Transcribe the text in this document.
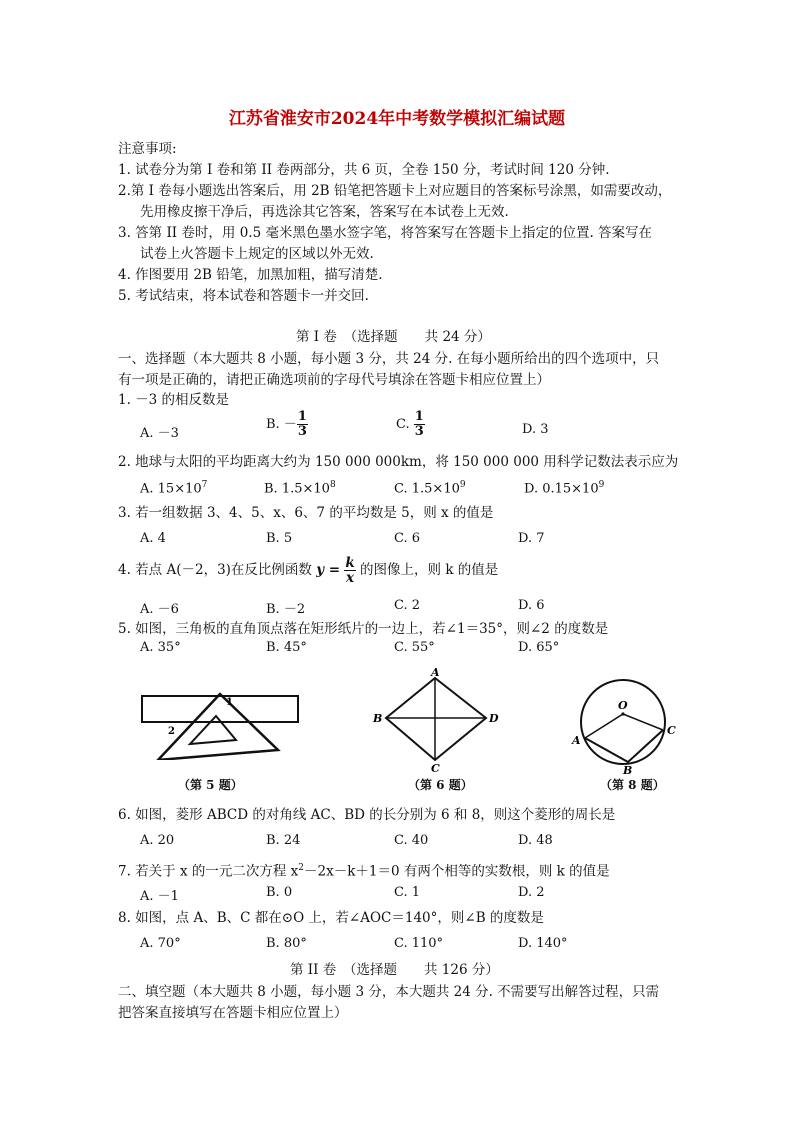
江苏省淮安市2024年中考数学模拟汇编试题
注意事项:
1. 试卷分为第 I 卷和第 II 卷两部分，共 6 页，全卷 150 分，考试时间 120 分钟.
2.第 I 卷每小题选出答案后，用 2B 铅笔把答题卡上对应题目的答案标号涂黑，如需要改动，
先用橡皮擦干净后，再选涂其它答案，答案写在本试卷上无效.
3. 答第 II 卷时，用 0.5 毫米黑色墨水签字笔，将答案写在答题卡上指定的位置. 答案写在
试卷上火答题卡上规定的区域以外无效.
4. 作图要用 2B 铅笔，加黑加粗，描写清楚.
5. 考试结束，将本试卷和答题卡一并交回.
第 I 卷　（选择题　　共 24 分）
一、选择题（本大题共 8 小题，每小题 3 分，共 24 分. 在每小题所给出的四个选项中，只
有一项是正确的，请把正确选项前的字母代号填涂在答题卡相应位置上）
1. －3 的相反数是
A. －3
B. － $\frac{1}{3}$	C. $\frac{1}{3}$	D. 3
2. 地球与太阳的平均距离大约为 150 000 000km，将 150 000 000 用科学记数法表示应为
A. $15\times 10^7$	B. $1.5\times 10^8$	C. $1.5\times 10^9$	D. $0.15\times 10^9$
3. 若一组数据 3、4、5、x、6、7 的平均数是 5，则 x 的值是
A. 4	B. 5	C. 6	D. 7
4. 若点 A(－2，3)在反比例函数 $y = \frac{k}{x}$ 的图像上，则 k 的值是
A. －6	B. －2	C. 2	D. 6
5. 如图，三角板的直角顶点落在矩形纸片的一边上，若∠1＝35°，则∠2 的度数是
A. 35°	B. 45°	C. 55°	D. 65°
1
2
（第 5 题）
A
B
C
D
（第 6 题）
O
A
B
C
（第 8 题）
6. 如图，菱形 ABCD 的对角线 AC、BD 的长分别为 6 和 8，则这个菱形的周长是
A. 20	B. 24	C. 40	D. 48
7. 若关于 x 的一元二次方程 $x^2-2x-k+1=0$ 有两个相等的实数根，则 k 的值是
A. －1	B. 0	C. 1	D. 2
8. 如图，点 A、B、C 都在⊙O 上，若∠AOC＝140°，则∠B 的度数是
A. 70°	B. 80°	C. 110°	D. 140°
第 II 卷　（选择题　　共 126 分）
二、填空题（本大题共 8 小题，每小题 3 分，本大题共 24 分. 不需要写出解答过程，只需
把答案直接填写在答题卡相应位置上）
